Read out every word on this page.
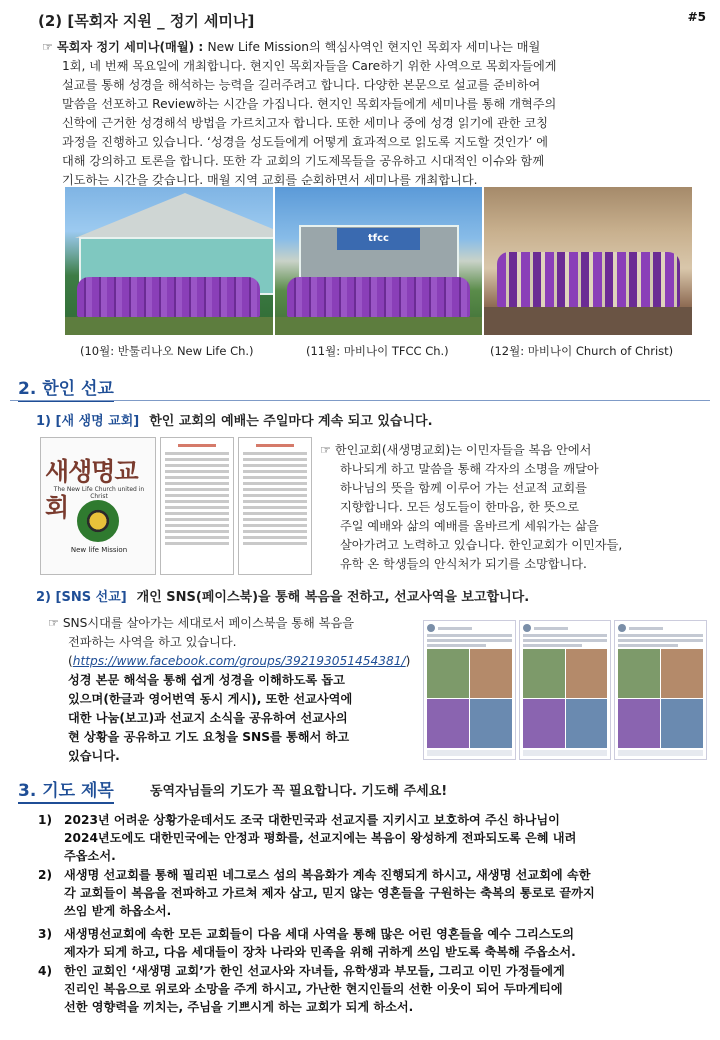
#5
(2) [목회자 지원 _ 정기 세미나]
☞ 목회자 정기 세미나(매월) : New Life Mission의 핵심사역인 현지인 목회자 세미나는 매월
1회, 네 번째 목요일에 개최합니다. 현지인 목회자들을 Care하기 위한 사역으로 목회자들에게
설교를 통해 성경을 해석하는 능력을 길러주려고 합니다. 다양한 본문으로 설교를 준비하여
말씀을 선포하고 Review하는 시간을 가집니다. 현지인 목회자들에게 세미나를 통해 개혁주의
신학에 근거한 성경해석 방법을 가르치고자 합니다. 또한 세미나 중에 성경 읽기에 관한 코칭
과정을 진행하고 있습니다. ‘성경을 성도들에게 어떻게 효과적으로 읽도록 지도할 것인가’ 에
대해 강의하고 토론을 합니다. 또한 각 교회의 기도제목들을 공유하고 시대적인 이슈와 함께
기도하는 시간을 갖습니다. 매월 지역 교회를 순회하면서 세미나를 개최합니다.
tfcc
(10월: 반툴리나오 New Life Ch.)	(11월: 마비나이 TFCC Ch.)	(12월: 마비나이 Church of Christ)
2. 한인 선교
1) [새 생명 교회] 한인 교회의 예배는 주일마다 계속 되고 있습니다.
새생명교회
The New Life Church united in Christ
New life Mission
☞ 한인교회(새생명교회)는 이민자들을 복음 안에서
하나되게 하고 말씀을 통해 각자의 소명을 깨달아
하나님의 뜻을 함께 이루어 가는 선교적 교회를
지향합니다. 모든 성도들이 한마음, 한 뜻으로
주일 예배와 삶의 예배를 올바르게 세워가는 삶을
살아가려고 노력하고 있습니다. 한인교회가 이민자들,
유학 온 학생들의 안식처가 되기를 소망합니다.
2) [SNS 선교] 개인 SNS(페이스북)을 통해 복음을 전하고, 선교사역을 보고합니다.
☞ SNS시대를 살아가는 세대로서 페이스북을 통해 복음을
전파하는 사역을 하고 있습니다.
(https://www.facebook.com/groups/392193051454381/)
성경 본문 해석을 통해 쉽게 성경을 이해하도록 돕고
있으며(한글과 영어번역 동시 게시), 또한 선교사역에
대한 나눔(보고)과 선교지 소식을 공유하여 선교사의
현 상황을 공유하고 기도 요청을 SNS를 통해서 하고
있습니다.
3. 기도 제목	동역자님들의 기도가 꼭 필요합니다. 기도해 주세요!
1) 2023년 어려운 상황가운데서도 조국 대한민국과 선교지를 지키시고 보호하여 주신 하나님이
2024년도에도 대한민국에는 안정과 평화를, 선교지에는 복음이 왕성하게 전파되도록 은혜 내려
주옵소서.
2) 새생명 선교회를 통해 필리핀 네그로스 섬의 복음화가 계속 진행되게 하시고, 새생명 선교회에 속한
각 교회들이 복음을 전파하고 가르쳐 제자 삼고, 믿지 않는 영혼들을 구원하는 축복의 통로로 끝까지
쓰임 받게 하옵소서.
3) 새생명선교회에 속한 모든 교회들이 다음 세대 사역을 통해 많은 어린 영혼들을 예수 그리스도의
제자가 되게 하고, 다음 세대들이 장차 나라와 민족을 위해 귀하게 쓰임 받도록 축복해 주옵소서.
4) 한인 교회인 ‘새생명 교회’가 한인 선교사와 자녀들, 유학생과 부모들, 그리고 이민 가정들에게
진리인 복음으로 위로와 소망을 주게 하시고, 가난한 현지인들의 선한 이웃이 되어 두마게티에
선한 영향력을 끼치는, 주님을 기쁘시게 하는 교회가 되게 하소서.
